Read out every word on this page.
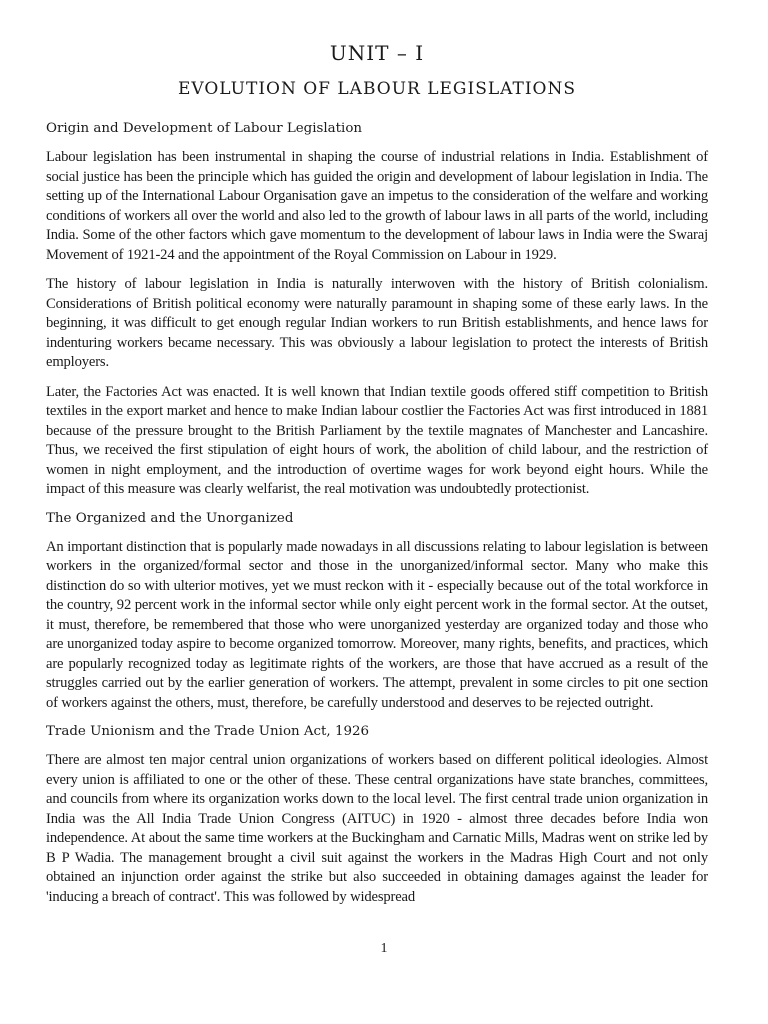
UNIT – I
EVOLUTION OF LABOUR LEGISLATIONS
Origin and Development of Labour Legislation

Labour legislation has been instrumental in shaping the course of industrial relations in India. Establishment of social justice has been the principle which has guided the origin and development of labour legislation in India. The setting up of the International Labour Organisation gave an impetus to the consideration of the welfare and working conditions of workers all over the world and also led to the growth of labour laws in all parts of the world, including India. Some of the other factors which gave momentum to the development of labour laws in India were the Swaraj Movement of 1921-24 and the appointment of the Royal Commission on Labour in 1929.

The history of labour legislation in India is naturally interwoven with the history of British colonialism. Considerations of British political economy were naturally paramount in shaping some of these early laws. In the beginning, it was difficult to get enough regular Indian workers to run British establishments, and hence laws for indenturing workers became necessary. This was obviously a labour legislation to protect the interests of British employers.

Later, the Factories Act was enacted. It is well known that Indian textile goods offered stiff competition to British textiles in the export market and hence to make Indian labour costlier the Factories Act was first introduced in 1881 because of the pressure brought to the British Parliament by the textile magnates of Manchester and Lancashire. Thus, we received the first stipulation of eight hours of work, the abolition of child labour, and the restriction of women in night employment, and the introduction of overtime wages for work beyond eight hours. While the impact of this measure was clearly welfarist, the real motivation was undoubtedly protectionist.

The Organized and the Unorganized

An important distinction that is popularly made nowadays in all discussions relating to labour legislation is between workers in the organized/formal sector and those in the unorganized/informal sector. Many who make this distinction do so with ulterior motives, yet we must reckon with it - especially because out of the total workforce in the country, 92 percent work in the informal sector while only eight percent work in the formal sector. At the outset, it must, therefore, be remembered that those who were unorganized yesterday are organized today and those who are unorganized today aspire to become organized tomorrow. Moreover, many rights, benefits, and practices, which are popularly recognized today as legitimate rights of the workers, are those that have accrued as a result of the struggles carried out by the earlier generation of workers. The attempt, prevalent in some circles to pit one section of workers against the others, must, therefore, be carefully understood and deserves to be rejected outright.

Trade Unionism and the Trade Union Act, 1926

There are almost ten major central union organizations of workers based on different political ideologies. Almost every union is affiliated to one or the other of these. These central organizations have state branches, committees, and councils from where its organization works down to the local level. The first central trade union organization in India was the All India Trade Union Congress (AITUC) in 1920 - almost three decades before India won independence. At about the same time workers at the Buckingham and Carnatic Mills, Madras went on strike led by B P Wadia. The management brought a civil suit against the workers in the Madras High Court and not only obtained an injunction order against the strike but also succeeded in obtaining damages against the leader for 'inducing a breach of contract'. This was followed by widespread

1
